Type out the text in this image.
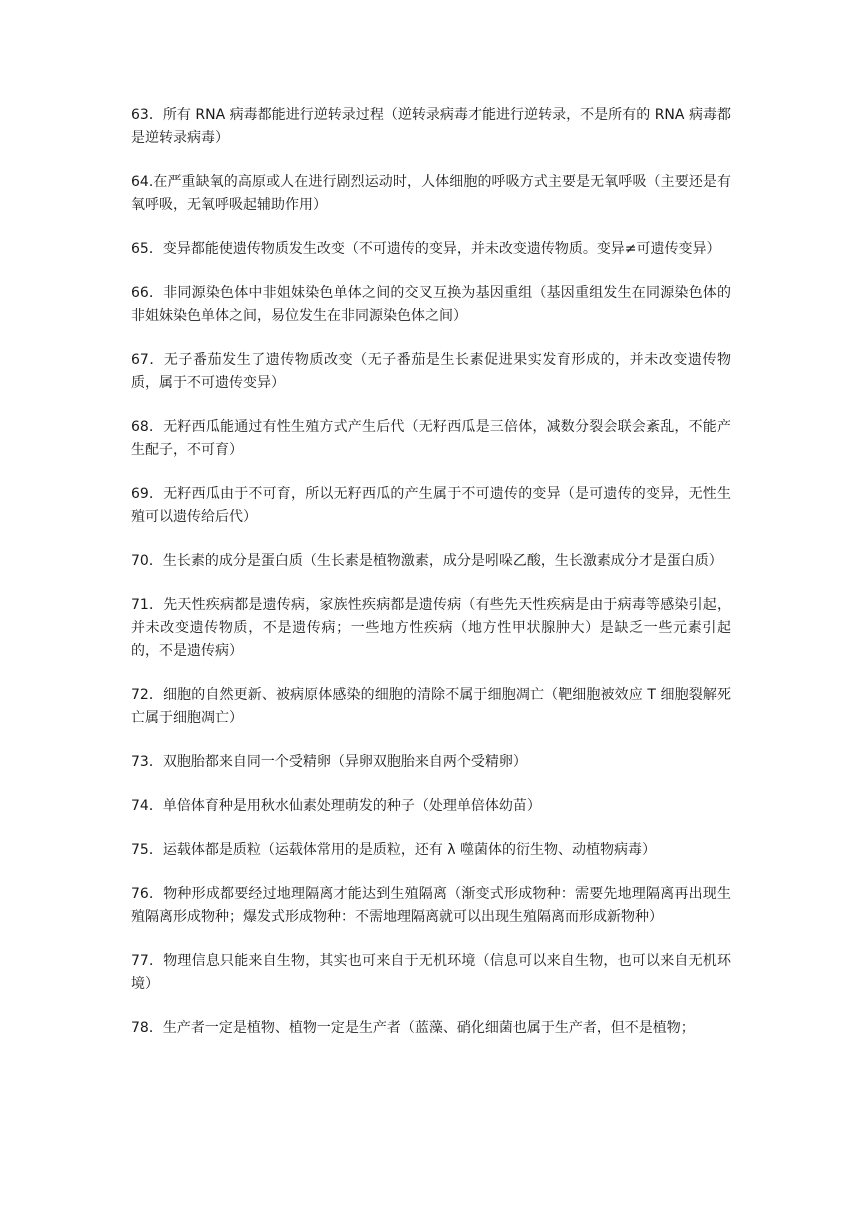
63．所有 RNA 病毒都能进行逆转录过程（逆转录病毒才能进行逆转录，不是所有的 RNA 病毒都是逆转录病毒）

64.在严重缺氧的高原或人在进行剧烈运动时，人体细胞的呼吸方式主要是无氧呼吸（主要还是有氧呼吸，无氧呼吸起辅助作用）

65．变异都能使遗传物质发生改变（不可遗传的变异，并未改变遗传物质。变异≠可遗传变异）

66．非同源染色体中非姐妹染色单体之间的交叉互换为基因重组（基因重组发生在同源染色体的非姐妹染色单体之间，易位发生在非同源染色体之间）

67．无子番茄发生了遗传物质改变（无子番茄是生长素促进果实发育形成的，并未改变遗传物质，属于不可遗传变异）

68．无籽西瓜能通过有性生殖方式产生后代（无籽西瓜是三倍体，减数分裂会联会紊乱，不能产生配子，不可育）

69．无籽西瓜由于不可育，所以无籽西瓜的产生属于不可遗传的变异（是可遗传的变异，无性生殖可以遗传给后代）

70．生长素的成分是蛋白质（生长素是植物激素，成分是吲哚乙酸，生长激素成分才是蛋白质）

71．先天性疾病都是遗传病，家族性疾病都是遗传病（有些先天性疾病是由于病毒等感染引起，并未改变遗传物质，不是遗传病；一些地方性疾病（地方性甲状腺肿大）是缺乏一些元素引起的，不是遗传病）

72．细胞的自然更新、被病原体感染的细胞的清除不属于细胞凋亡（靶细胞被效应 T 细胞裂解死亡属于细胞凋亡）

73．双胞胎都来自同一个受精卵（异卵双胞胎来自两个受精卵）

74．单倍体育种是用秋水仙素处理萌发的种子（处理单倍体幼苗）

75．运载体都是质粒（运载体常用的是质粒，还有 λ 噬菌体的衍生物、动植物病毒）

76．物种形成都要经过地理隔离才能达到生殖隔离（渐变式形成物种：需要先地理隔离再出现生殖隔离形成物种；爆发式形成物种：不需地理隔离就可以出现生殖隔离而形成新物种）

77．物理信息只能来自生物，其实也可来自于无机环境（信息可以来自生物，也可以来自无机环境）

78．生产者一定是植物、植物一定是生产者（蓝藻、硝化细菌也属于生产者，但不是植物；
